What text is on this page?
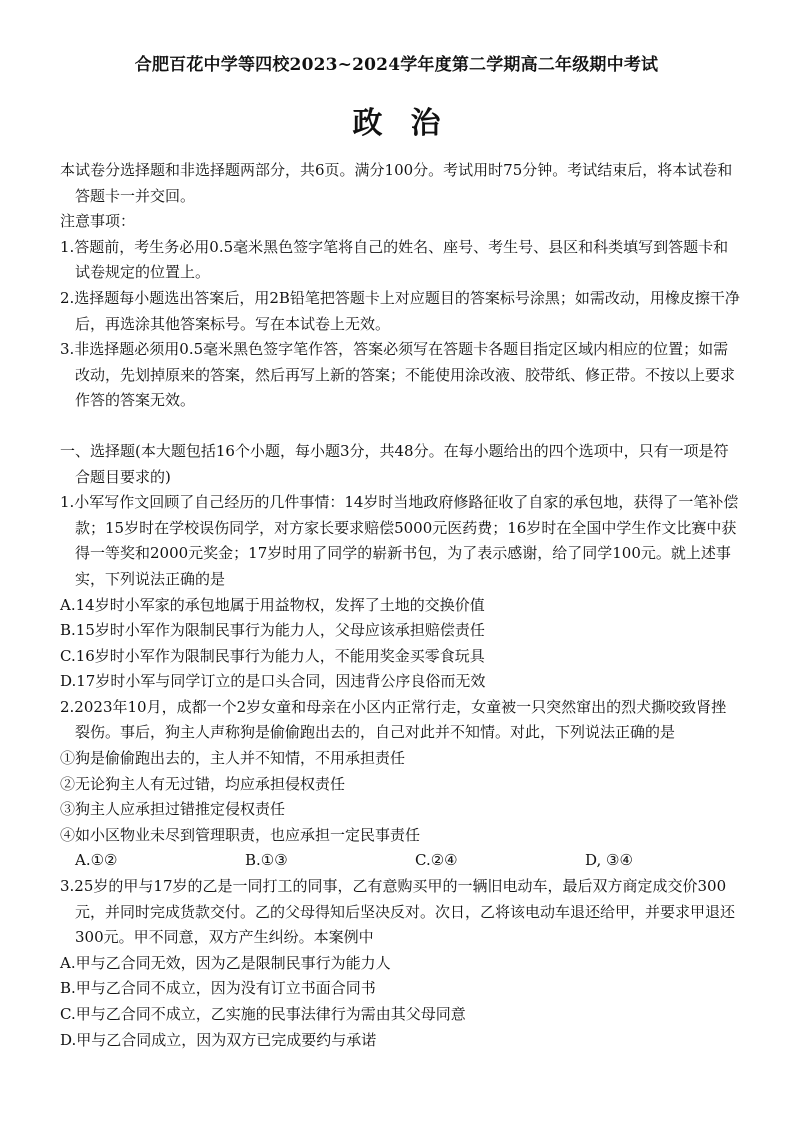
合肥百花中学等四校2023~2024学年度第二学期高二年级期中考试
政治

本试卷分选择题和非选择题两部分，共6页。满分100分。考试用时75分钟。考试结束后，将本试卷和答题卡一并交回。

注意事项：

1.答题前，考生务必用0.5毫米黑色签字笔将自己的姓名、座号、考生号、县区和科类填写到答题卡和试卷规定的位置上。

2.选择题每小题选出答案后，用2B铅笔把答题卡上对应题目的答案标号涂黑；如需改动，用橡皮擦干净后，再选涂其他答案标号。写在本试卷上无效。

3.非选择题必须用0.5毫米黑色签字笔作答，答案必须写在答题卡各题目指定区域内相应的位置；如需改动，先划掉原来的答案，然后再写上新的答案；不能使用涂改液、胶带纸、修正带。不按以上要求作答的答案无效。

一、选择题(本大题包括16个小题，每小题3分，共48分。在每小题给出的四个选项中，只有一项是符合题目要求的)

1.小军写作文回顾了自己经历的几件事情：14岁时当地政府修路征收了自家的承包地，获得了一笔补偿款；15岁时在学校误伤同学，对方家长要求赔偿5000元医药费；16岁时在全国中学生作文比赛中获得一等奖和2000元奖金；17岁时用了同学的崭新书包，为了表示感谢，给了同学100元。就上述事实，下列说法正确的是

A.14岁时小军家的承包地属于用益物权，发挥了土地的交换价值

B.15岁时小军作为限制民事行为能力人，父母应该承担赔偿责任

C.16岁时小军作为限制民事行为能力人，不能用奖金买零食玩具

D.17岁时小军与同学订立的是口头合同，因违背公序良俗而无效

2.2023年10月，成都一个2岁女童和母亲在小区内正常行走，女童被一只突然窜出的烈犬撕咬致肾挫裂伤。事后，狗主人声称狗是偷偷跑出去的，自己对此并不知情。对此，下列说法正确的是

①狗是偷偷跑出去的，主人并不知情，不用承担责任

②无论狗主人有无过错，均应承担侵权责任

③狗主人应承担过错推定侵权责任

④如小区物业未尽到管理职责，也应承担一定民事责任

A.①②	B.①③	C.②④	D, ③④

3.25岁的甲与17岁的乙是一同打工的同事，乙有意购买甲的一辆旧电动车，最后双方商定成交价300元，并同时完成货款交付。乙的父母得知后坚决反对。次日，乙将该电动车退还给甲，并要求甲退还300元。甲不同意，双方产生纠纷。本案例中

A.甲与乙合同无效，因为乙是限制民事行为能力人

B.甲与乙合同不成立，因为没有订立书面合同书

C.甲与乙合同不成立，乙实施的民事法律行为需由其父母同意

D.甲与乙合同成立，因为双方已完成要约与承诺
